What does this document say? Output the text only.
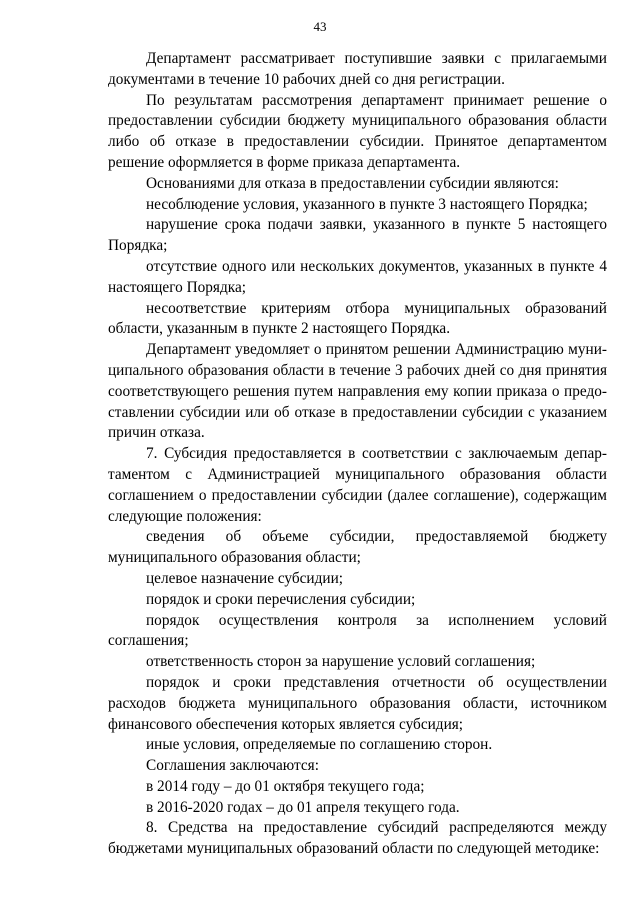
43

Департамент рассматривает поступившие заявки с прилагаемыми документами в течение 10 рабочих дней со дня регистрации.

По результатам рассмотрения департамент принимает решение о предоставлении субсидии бюджету муниципального образования области либо об отказе в предоставлении субсидии. Принятое департаментом решение оформляется в форме приказа департамента.

Основаниями для отказа в предоставлении субсидии являются:

несоблюдение условия, указанного в пункте 3 настоящего Порядка;

нарушение срока подачи заявки, указанного в пункте 5 настоящего Порядка;

отсутствие одного или нескольких документов, указанных в пункте 4 настоящего Порядка;

несоответствие критериям отбора муниципальных образований области, указанным в пункте 2 настоящего Порядка.

Департамент уведомляет о принятом решении Администрацию муниципального образования области в течение 3 рабочих дней со дня принятия соответствующего решения путем направления ему копии приказа о предоставлении субсидии или об отказе в предоставлении субсидии с указанием причин отказа.

7. Субсидия предоставляется в соответствии с заключаемым департаментом с Администрацией муниципального образования области соглашением о предоставлении субсидии (далее соглашение), содержащим следующие положения:

сведения об объеме субсидии, предоставляемой бюджету муниципального образования области;

целевое назначение субсидии;

порядок и сроки перечисления субсидии;

порядок осуществления контроля за исполнением условий соглашения;

ответственность сторон за нарушение условий соглашения;

порядок и сроки представления отчетности об осуществлении расходов бюджета муниципального образования области, источником финансового обеспечения которых является субсидия;

иные условия, определяемые по соглашению сторон.

Соглашения заключаются:

в 2014 году – до 01 октября текущего года;

в 2016-2020 годах – до 01 апреля текущего года.

8. Средства на предоставление субсидий распределяются между бюджетами муниципальных образований области по следующей методике:
